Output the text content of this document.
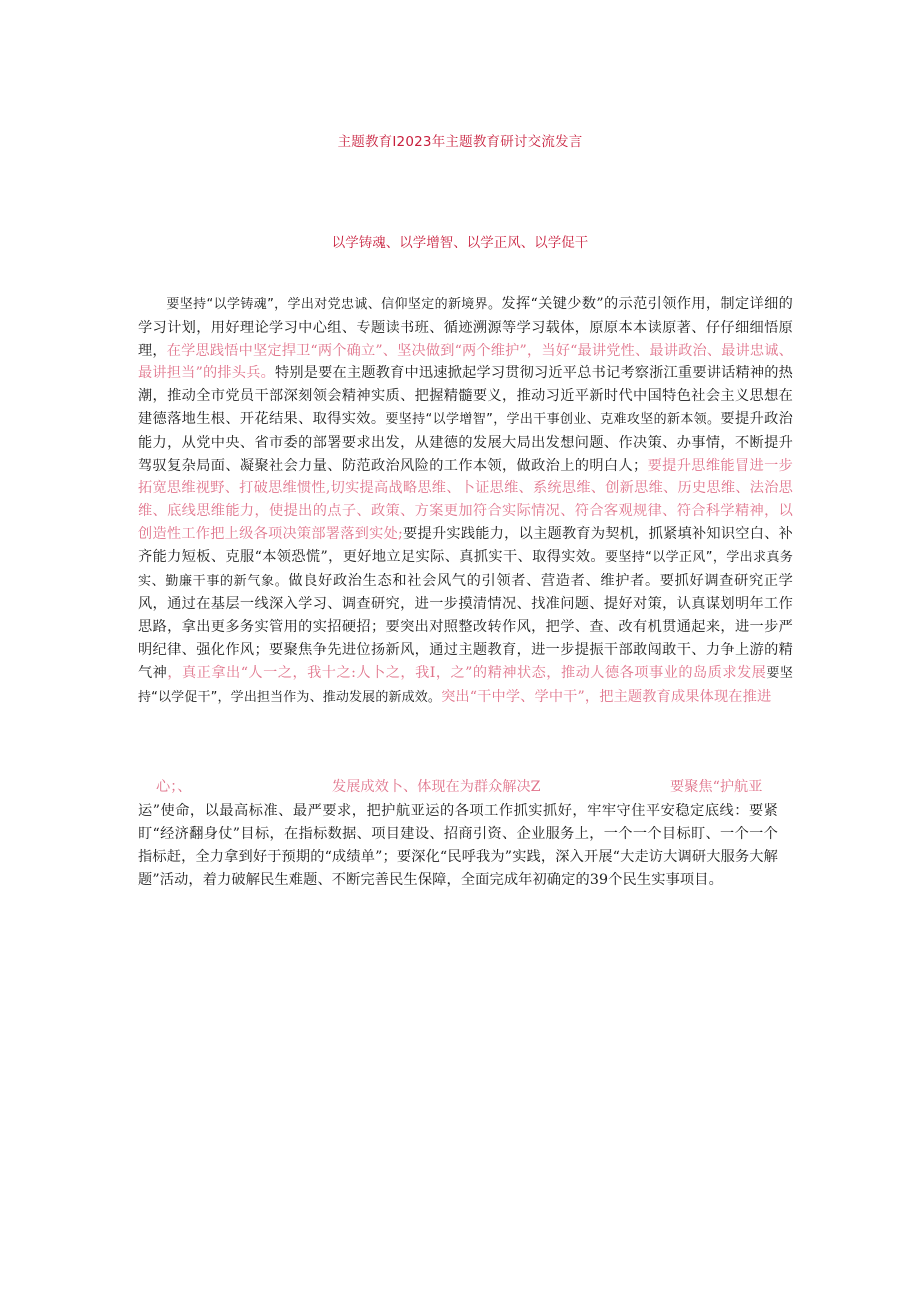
主题教育I2023年主题教育研讨交流发言
以学铸魂、以学增智、以学正风、以学促干
要坚持“以学铸魂”，学出对党忠诚、信仰坚定的新境界。发挥“关键少数”的示范引领作用，制定详细的学习计划，用好理论学习中心组、专题读书班、循迹溯源等学习载体，原原本本读原著、仔仔细细悟原理，在学思践悟中坚定捍卫“两个确立”、坚决做到“两个维护”，当好“最讲党性、最讲政治、最讲忠诚、最讲担当”的排头兵。特别是要在主题教育中迅速掀起学习贯彻习近平总书记考察浙江重要讲话精神的热潮，推动全市党员干部深刻领会精神实质、把握精髓要义，推动习近平新时代中国特色社会主义思想在建德落地生根、开花结果、取得实效。要坚持“以学增智”，学出干事创业、克难攻坚的新本领。要提升政治能力，从党中央、省市委的部署要求出发，从建德的发展大局出发想问题、作决策、办事情，不断提升驾驭复杂局面、凝聚社会力量、防范政治风险的工作本领，做政治上的明白人；要提升思维能冒进一步拓宽思维视野、打破思维惯性,切实提高战略思维、卜证思维、系统思维、创新思维、历史思维、法治思维、底线思维能力，使提出的点子、政策、方案更加符合实际情况、符合客观规律、符合科学精神，以创造性工作把上级各项决策部署落到实处;要提升实践能力，以主题教育为契机，抓紧填补知识空白、补齐能力短板、克服“本领恐慌”，更好地立足实际、真抓实干、取得实效。要坚持“以学正风”，学出求真务实、勤廉干事的新气象。做良好政治生态和社会风气的引领者、营造者、维护者。要抓好调查研究正学风，通过在基层一线深入学习、调查研究，进一步摸清情况、找准问题、提好对策，认真谋划明年工作思路，拿出更多务实管用的实招硬招；要突出对照整改转作风，把学、查、改有机贯通起来，进一步严明纪律、强化作风；要聚焦争先进位扬新风，通过主题教育，进一步提振干部敢闯敢干、力争上游的精气神，真正拿出“人一之，我十之:人卜之，我I，之”的精神状态，推动人德各项事业的岛质求发展要坚持“以学促干”，学出担当作为、推动发展的新成效。突出“干中学、学中干”，把主题教育成果体现在推进
心；、	发展成效卜、体现在为群众解决Z	要聚焦“护航亚
运”使命，以最高标准、最严要求，把护航亚运的各项工作抓实抓好，牢牢守住平安稳定底线：要紧盯“经济翻身仗”目标，在指标数据、项目建设、招商引资、企业服务上，一个一个目标盯、一个一个指标赶，全力拿到好于预期的“成绩单”；要深化“民呼我为”实践，深入开展“大走访大调研大服务大解题”活动，着力破解民生难题、不断完善民生保障，全面完成年初确定的39个民生实事项目。
